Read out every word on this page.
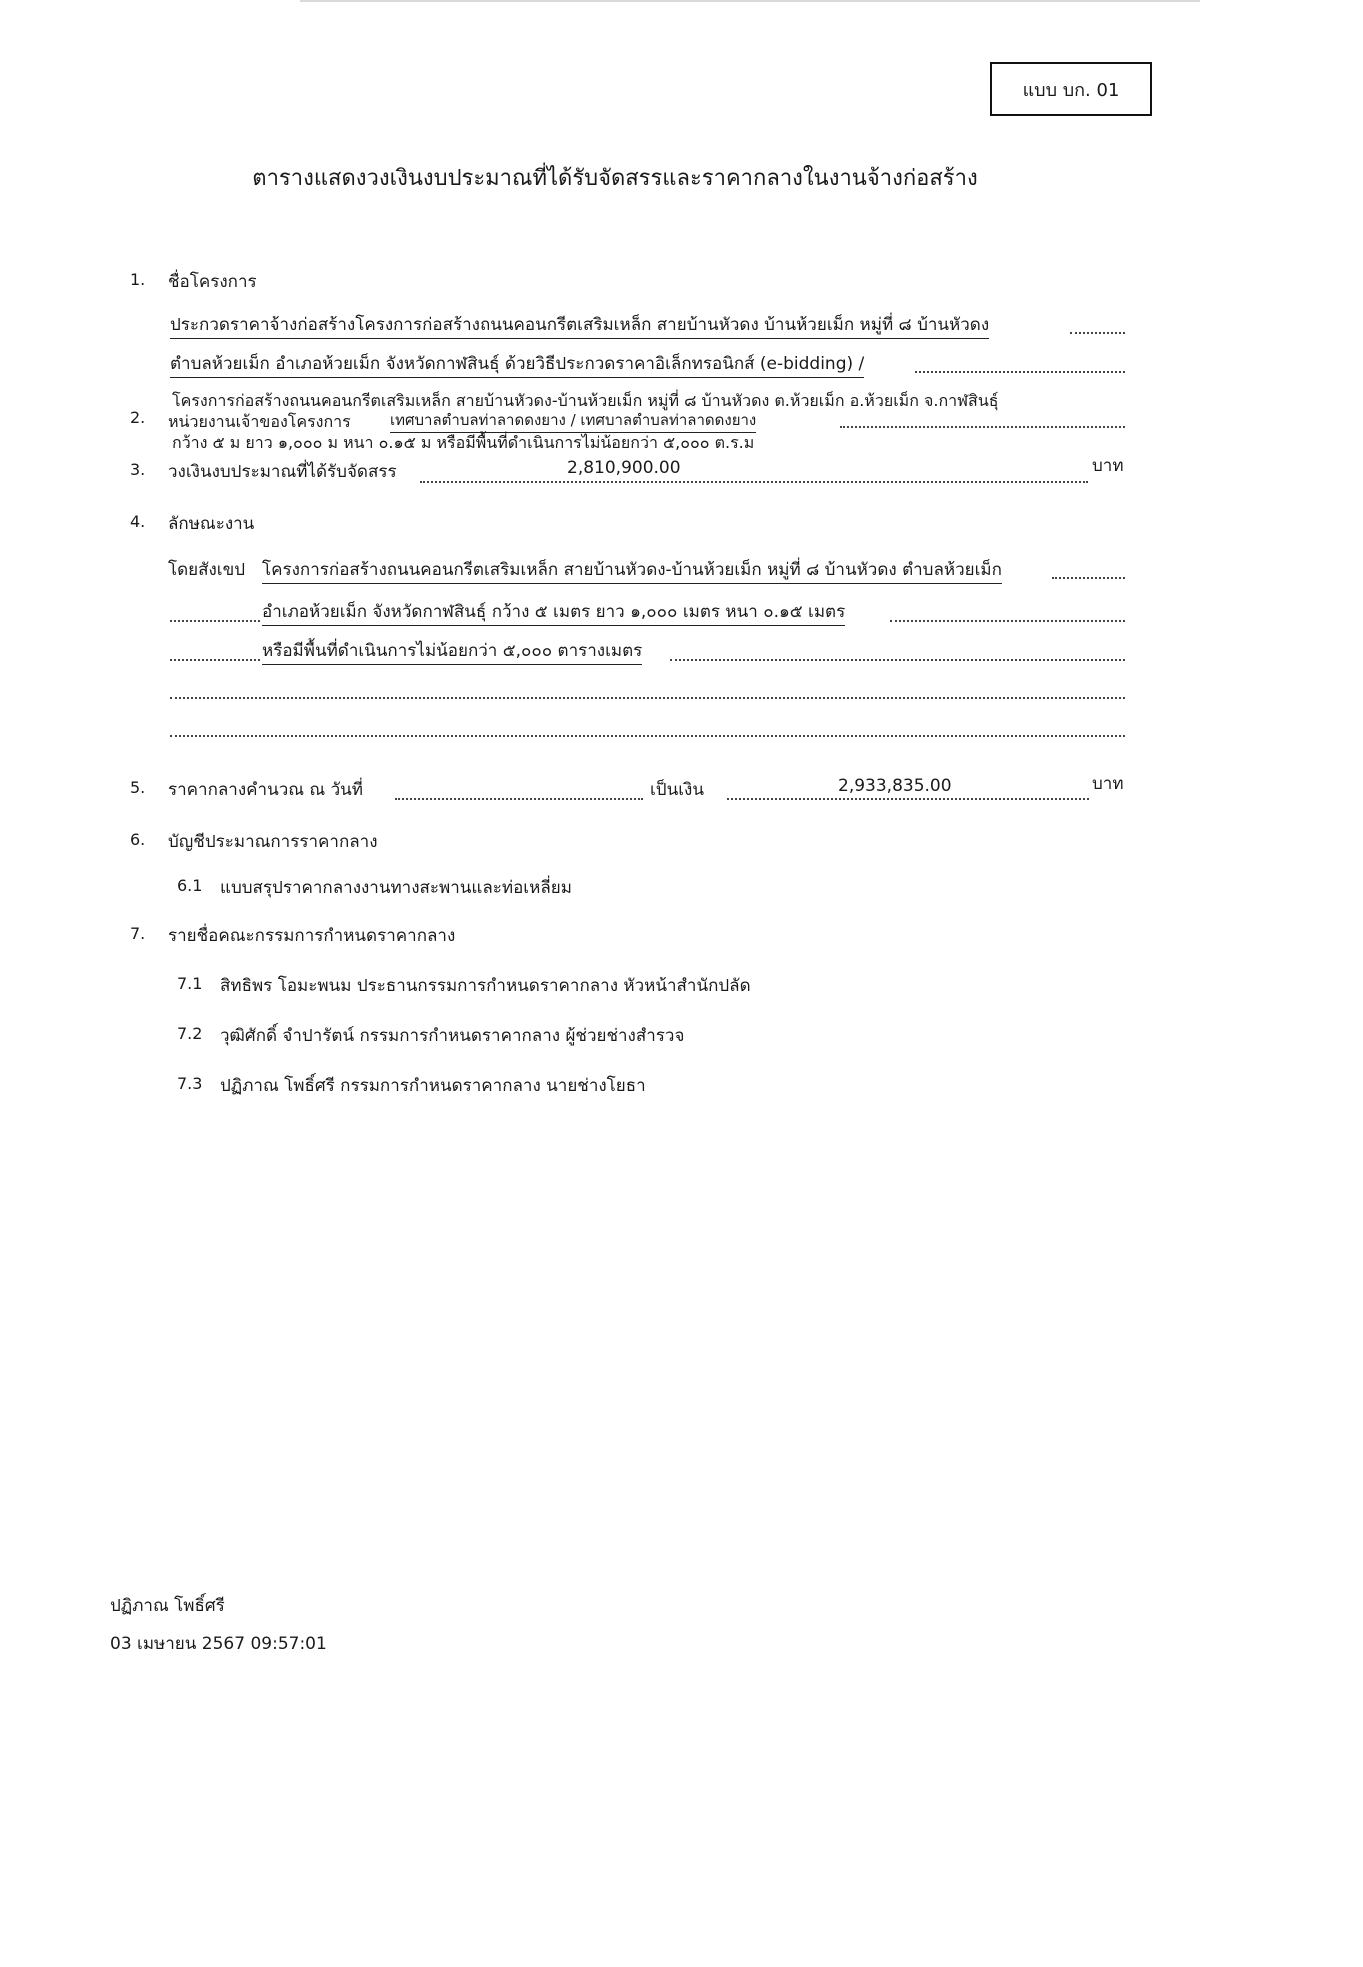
แบบ บก. 01
ตารางแสดงวงเงินงบประมาณที่ได้รับจัดสรรและราคากลางในงานจ้างก่อสร้าง
1. ชื่อโครงการ
ประกวดราคาจ้างก่อสร้างโครงการก่อสร้างถนนคอนกรีตเสริมเหล็ก สายบ้านหัวดง บ้านห้วยเม็ก หมู่ที่ ๘ บ้านหัวดง
ตำบลห้วยเม็ก อำเภอห้วยเม็ก จังหวัดกาฬสินธุ์ ด้วยวิธีประกวดราคาอิเล็กทรอนิกส์ (e-bidding) /
โครงการก่อสร้างถนนคอนกรีตเสริมเหล็ก สายบ้านหัวดง-บ้านห้วยเม็ก หมู่ที่ ๘ บ้านหัวดง ต.ห้วยเม็ก อ.ห้วยเม็ก จ.กาฬสินธุ์
2. หน่วยงานเจ้าของโครงการ	เทศบาลตำบลท่าลาดดงยาง / เทศบาลตำบลท่าลาดดงยาง
กว้าง ๕ ม ยาว ๑,๐๐๐ ม หนา ๐.๑๕ ม หรือมีพื้นที่ดำเนินการไม่น้อยกว่า ๕,๐๐๐ ต.ร.ม
3. วงเงินงบประมาณที่ได้รับจัดสรร	2,810,900.00	บาท
4. ลักษณะงาน
โดยสังเขป โครงการก่อสร้างถนนคอนกรีตเสริมเหล็ก สายบ้านหัวดง-บ้านห้วยเม็ก หมู่ที่ ๘ บ้านหัวดง ตำบลห้วยเม็ก
อำเภอห้วยเม็ก จังหวัดกาฬสินธุ์ กว้าง ๕ เมตร ยาว ๑,๐๐๐ เมตร หนา ๐.๑๕ เมตร
หรือมีพื้นที่ดำเนินการไม่น้อยกว่า ๕,๐๐๐ ตารางเมตร
5. ราคากลางคำนวณ ณ วันที่	เป็นเงิน	2,933,835.00	บาท
6. บัญชีประมาณการราคากลาง
6.1 แบบสรุปราคากลางงานทางสะพานและท่อเหลี่ยม
7. รายชื่อคณะกรรมการกำหนดราคากลาง
7.1 สิทธิพร โอมะพนม ประธานกรรมการกำหนดราคากลาง หัวหน้าสำนักปลัด
7.2 วุฒิศักดิ์ จำปารัตน์ กรรมการกำหนดราคากลาง ผู้ช่วยช่างสำรวจ
7.3 ปฏิภาณ โพธิ์ศรี กรรมการกำหนดราคากลาง นายช่างโยธา
ปฏิภาณ โพธิ์ศรี
03 เมษายน 2567 09:57:01
